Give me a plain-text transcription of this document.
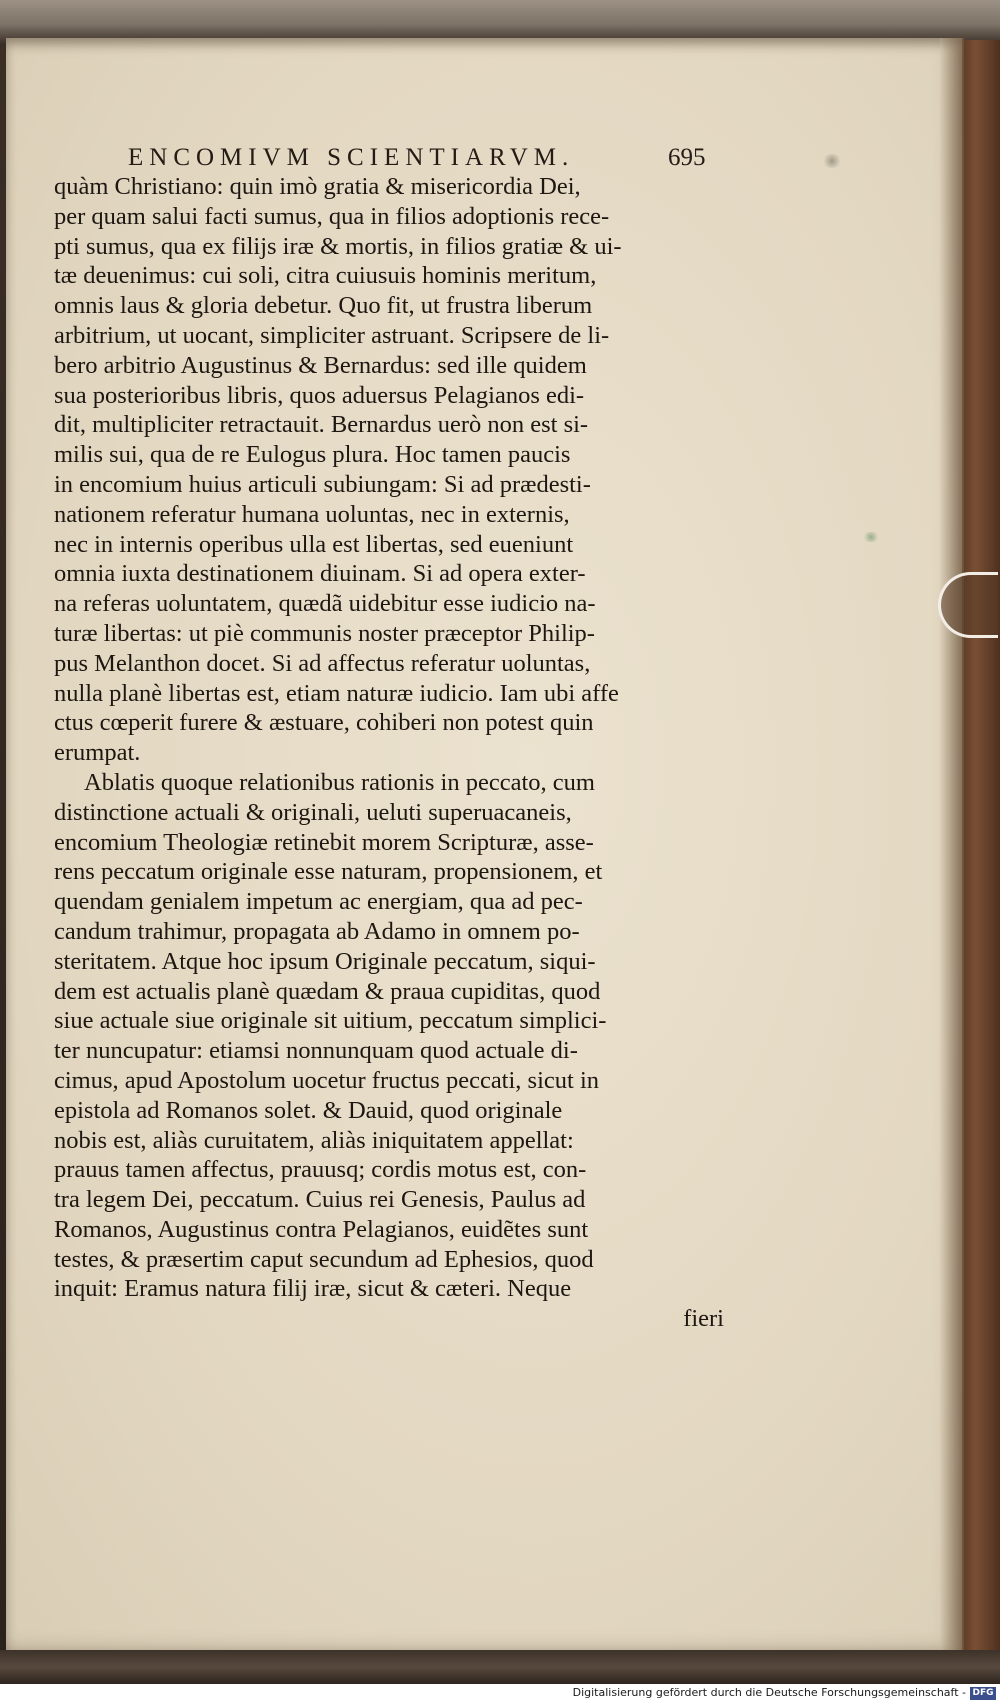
ENCOMIVM SCIENTIARVM.	695
quàm Christiano: quin imò gratia & misericordia Dei,
per quam salui facti sumus, qua in filios adoptionis rece-
pti sumus, qua ex filijs iræ & mortis, in filios gratiæ & ui-
tæ deuenimus: cui soli, citra cuiusuis hominis meritum,
omnis laus & gloria debetur. Quo fit, ut frustra liberum
arbitrium, ut uocant, simpliciter astruant. Scripsere de li-
bero arbitrio Augustinus & Bernardus: sed ille quidem
sua posterioribus libris, quos aduersus Pelagianos edi-
dit, multipliciter retractauit. Bernardus uerò non est si-
milis sui, qua de re Eulogus plura. Hoc tamen paucis
in encomium huius articuli subiungam: Si ad prædesti-
nationem referatur humana uoluntas, nec in externis,
nec in internis operibus ulla est libertas, sed eueniunt
omnia iuxta destinationem diuinam. Si ad opera exter-
na referas uoluntatem, quædã uidebitur esse iudicio na-
turæ libertas: ut piè communis noster præceptor Philip-
pus Melanthon docet. Si ad affectus referatur uoluntas,
nulla planè libertas est, etiam naturæ iudicio. Iam ubi affe
ctus cœperit furere & æstuare, cohiberi non potest quin
erumpat.
Ablatis quoque relationibus rationis in peccato, cum
distinctione actuali & originali, ueluti superuacaneis,
encomium Theologiæ retinebit morem Scripturæ, asse-
rens peccatum originale esse naturam, propensionem, et
quendam genialem impetum ac energiam, qua ad pec-
candum trahimur, propagata ab Adamo in omnem po-
steritatem. Atque hoc ipsum Originale peccatum, siqui-
dem est actualis planè quædam & praua cupiditas, quod
siue actuale siue originale sit uitium, peccatum simplici-
ter nuncupatur: etiamsi nonnunquam quod actuale di-
cimus, apud Apostolum uocetur fructus peccati, sicut in
epistola ad Romanos solet. & Dauid, quod originale
nobis est, aliàs curuitatem, aliàs iniquitatem appellat:
prauus tamen affectus, prauusq; cordis motus est, con-
tra legem Dei, peccatum. Cuius rei Genesis, Paulus ad
Romanos, Augustinus contra Pelagianos, euidẽtes sunt
testes, & præsertim caput secundum ad Ephesios, quod
inquit: Eramus natura filij iræ, sicut & cæteri. Neque
fieri
Digitalisierung gefördert durch die Deutsche Forschungsgemeinschaft - DFG
